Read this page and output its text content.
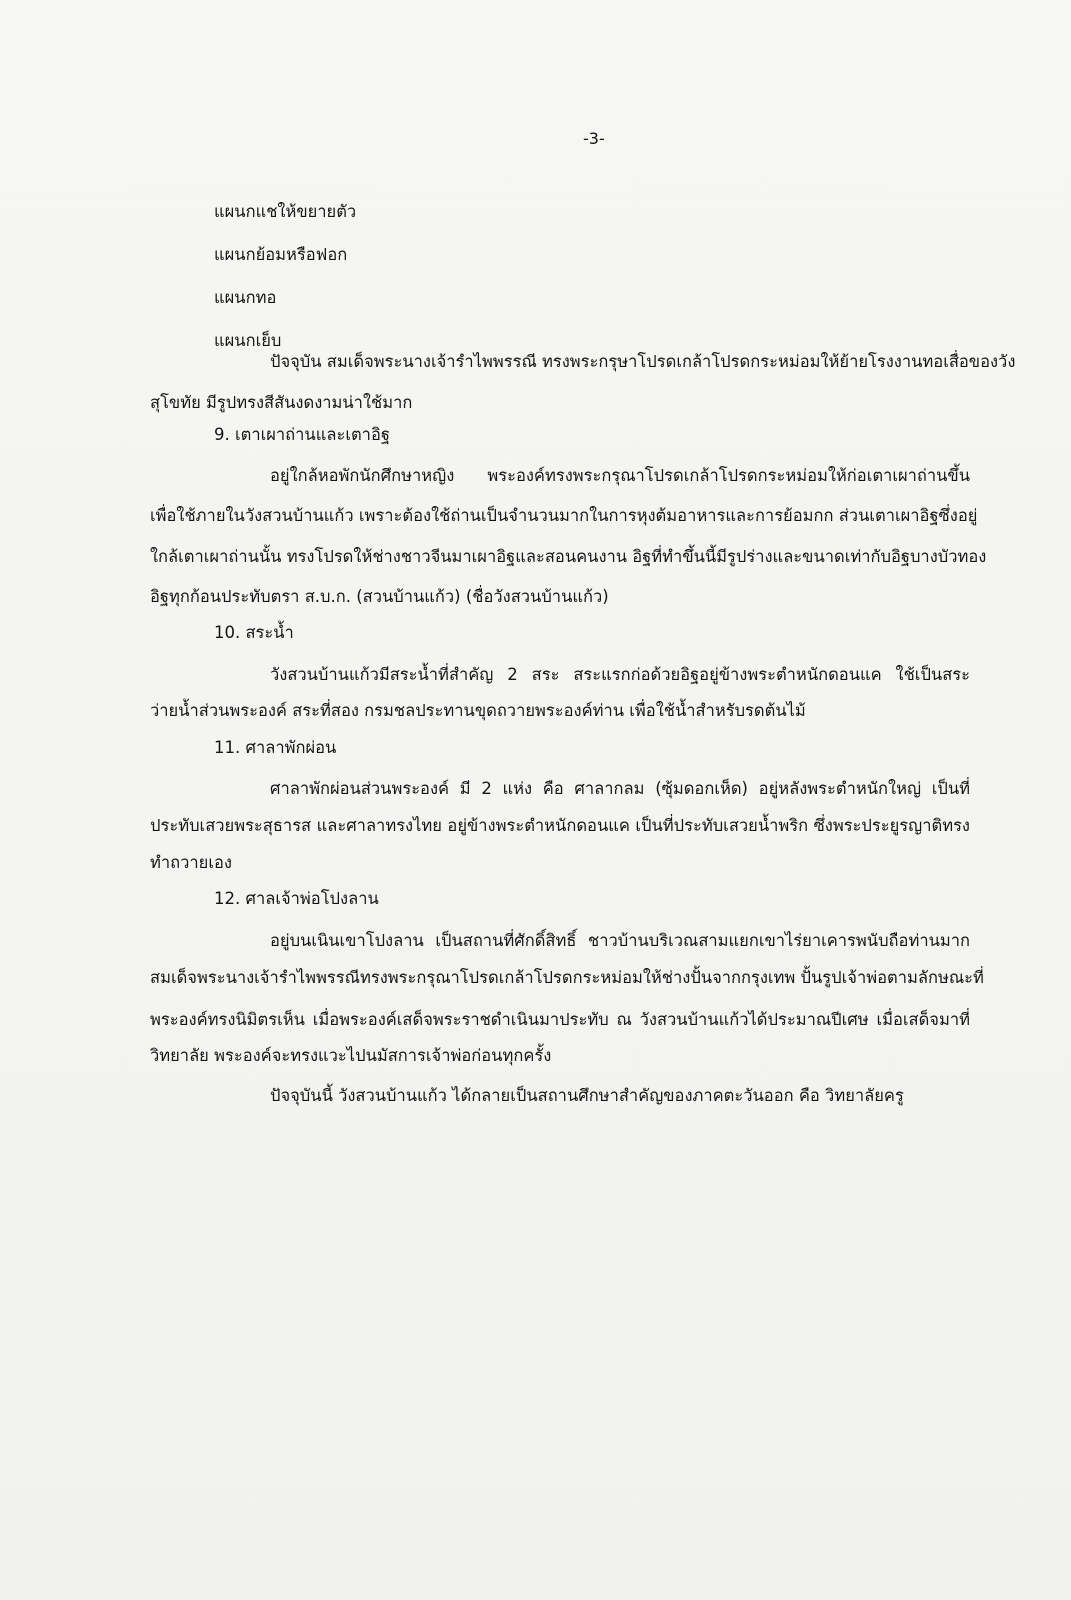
-3-
แผนกแชให้ขยายตัว
แผนกย้อมหรือฟอก
แผนกทอ
แผนกเย็บ
ปัจจุบัน สมเด็จพระนางเจ้ารำไพพรรณี ทรงพระกรุษาโปรดเกล้าโปรดกระหม่อมให้ย้ายโรงงานทอเสื่อของวัง
สุโขทัย มีรูปทรงสีสันงดงามน่าใช้มาก
9. เตาเผาถ่านและเตาอิฐ
อยู่ใกล้หอพักนักศึกษาหญิง พระองค์ทรงพระกรุณาโปรดเกล้าโปรดกระหม่อมให้ก่อเตาเผาถ่านขึ้น
เพื่อใช้ภายในวังสวนบ้านแก้ว เพราะต้องใช้ถ่านเป็นจำนวนมากในการหุงต้มอาหารและการย้อมกก ส่วนเตาเผาอิฐซึ่งอยู่
ใกล้เตาเผาถ่านนั้น ทรงโปรดให้ช่างชาวจีนมาเผาอิฐและสอนคนงาน อิฐที่ทำขึ้นนี้มีรูปร่างและขนาดเท่ากับอิฐบางบัวทอง
อิฐทุกก้อนประทับตรา ส.บ.ก. (สวนบ้านแก้ว) (ชื่อวังสวนบ้านแก้ว)
10. สระน้ำ
วังสวนบ้านแก้วมีสระน้ำที่สำคัญ 2 สระ สระแรกก่อด้วยอิฐอยู่ข้างพระตำหนักดอนแค ใช้เป็นสระ
ว่ายน้ำส่วนพระองค์ สระที่สอง กรมชลประทานขุดถวายพระองค์ท่าน เพื่อใช้น้ำสำหรับรดต้นไม้
11. ศาลาพักผ่อน
ศาลาพักผ่อนส่วนพระองค์ มี 2 แห่ง คือ ศาลากลม (ซุ้มดอกเห็ด) อยู่หลังพระตำหนักใหญ่ เป็นที่
ประทับเสวยพระสุธารส และศาลาทรงไทย อยู่ข้างพระตำหนักดอนแค เป็นที่ประทับเสวยน้ำพริก ซึ่งพระประยูรญาติทรง
ทำถวายเอง
12. ศาลเจ้าพ่อโปงลาน
อยู่บนเนินเขาโปงลาน เป็นสถานที่ศักดิ์สิทธิ์ ชาวบ้านบริเวณสามแยกเขาไร่ยาเคารพนับถือท่านมาก
สมเด็จพระนางเจ้ารำไพพรรณีทรงพระกรุณาโปรดเกล้าโปรดกระหม่อมให้ช่างปั้นจากกรุงเทพ ปั้นรูปเจ้าพ่อตามลักษณะที่
พระองค์ทรงนิมิตรเห็น เมื่อพระองค์เสด็จพระราชดำเนินมาประทับ ณ วังสวนบ้านแก้วได้ประมาณปีเศษ เมื่อเสด็จมาที่
วิทยาลัย พระองค์จะทรงแวะไปนมัสการเจ้าพ่อก่อนทุกครั้ง
ปัจจุบันนี้ วังสวนบ้านแก้ว ได้กลายเป็นสถานศึกษาสำคัญของภาคตะวันออก คือ วิทยาลัยครู
